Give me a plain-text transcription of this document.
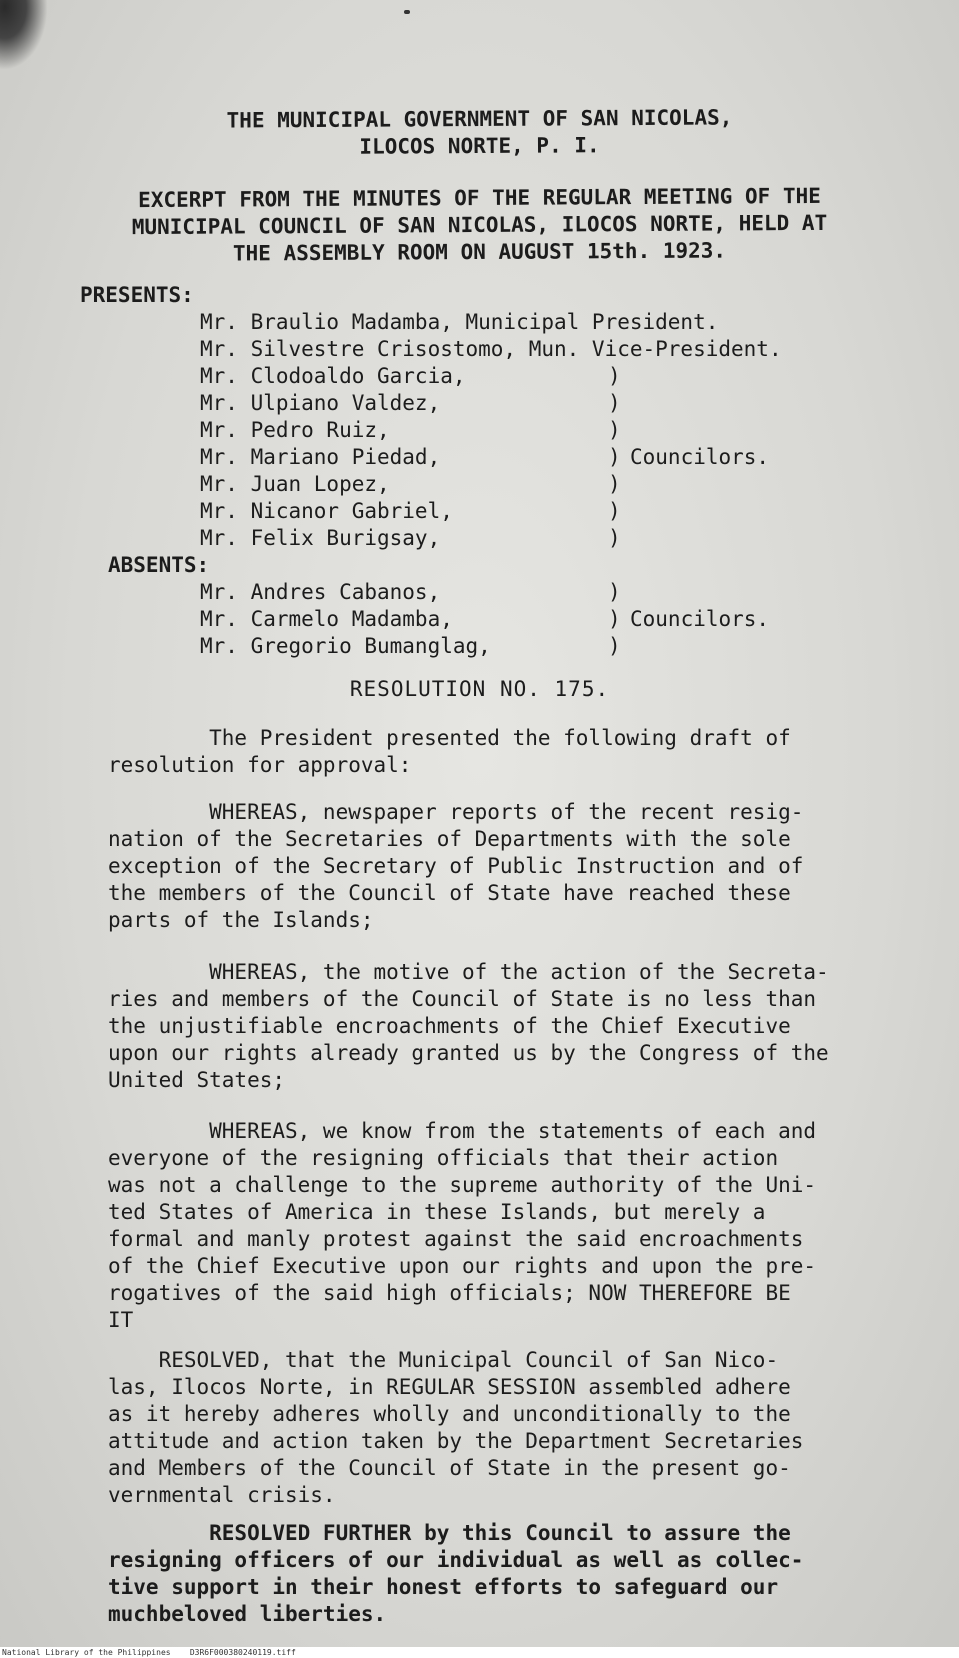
THE MUNICIPAL GOVERNMENT OF SAN NICOLAS,

ILOCOS NORTE, P. I.

EXCERPT FROM THE MINUTES OF THE REGULAR MEETING OF THE

MUNICIPAL COUNCIL OF SAN NICOLAS, ILOCOS NORTE, HELD AT

THE ASSEMBLY ROOM ON AUGUST 15th. 1923.

PRESENTS:

Mr. Braulio Madamba, Municipal President.

Mr. Silvestre Crisostomo, Mun. Vice-President.

Mr. Clodoaldo Garcia,

Mr. Ulpiano Valdez,

Mr. Pedro Ruiz,

Mr. Mariano Piedad,

Mr. Juan Lopez,

Mr. Nicanor Gabriel,

Mr. Felix Burigsay,

)
)
)
)
)
)
)
Councilors.

ABSENTS:

Mr. Andres Cabanos,

Mr. Carmelo Madamba,

Mr. Gregorio Bumanglag,

)
)
)
Councilors.

RESOLUTION NO. 175.

The President presented the following draft of
resolution for approval:

WHEREAS, newspaper reports of the recent resig-
nation of the Secretaries of Departments with the sole
exception of the Secretary of Public Instruction and of
the members of the Council of State have reached these
parts of the Islands;

WHEREAS, the motive of the action of the Secreta-
ries and members of the Council of State is no less than
the unjustifiable encroachments of the Chief Executive
upon our rights already granted us by the Congress of the
United States;

WHEREAS, we know from the statements of each and
everyone of the resigning officials that their action
was not a challenge to the supreme authority of the Uni-
ted States of America in these Islands, but merely a
formal and manly protest against the said encroachments
of the Chief Executive upon our rights and upon the pre-
rogatives of the said high officials; NOW THEREFORE BE
IT

RESOLVED, that the Municipal Council of San Nico-
las, Ilocos Norte, in REGULAR SESSION assembled adhere
as it hereby adheres wholly and unconditionally to the
attitude and action taken by the Department Secretaries
and Members of the Council of State in the present go-
vernmental crisis.

RESOLVED FURTHER by this Council to assure the
resigning officers of our individual as well as collec-
tive support in their honest efforts to safeguard our
muchbeloved liberties.

National Library of the Philippines    D3R6F000380240119.tiff
